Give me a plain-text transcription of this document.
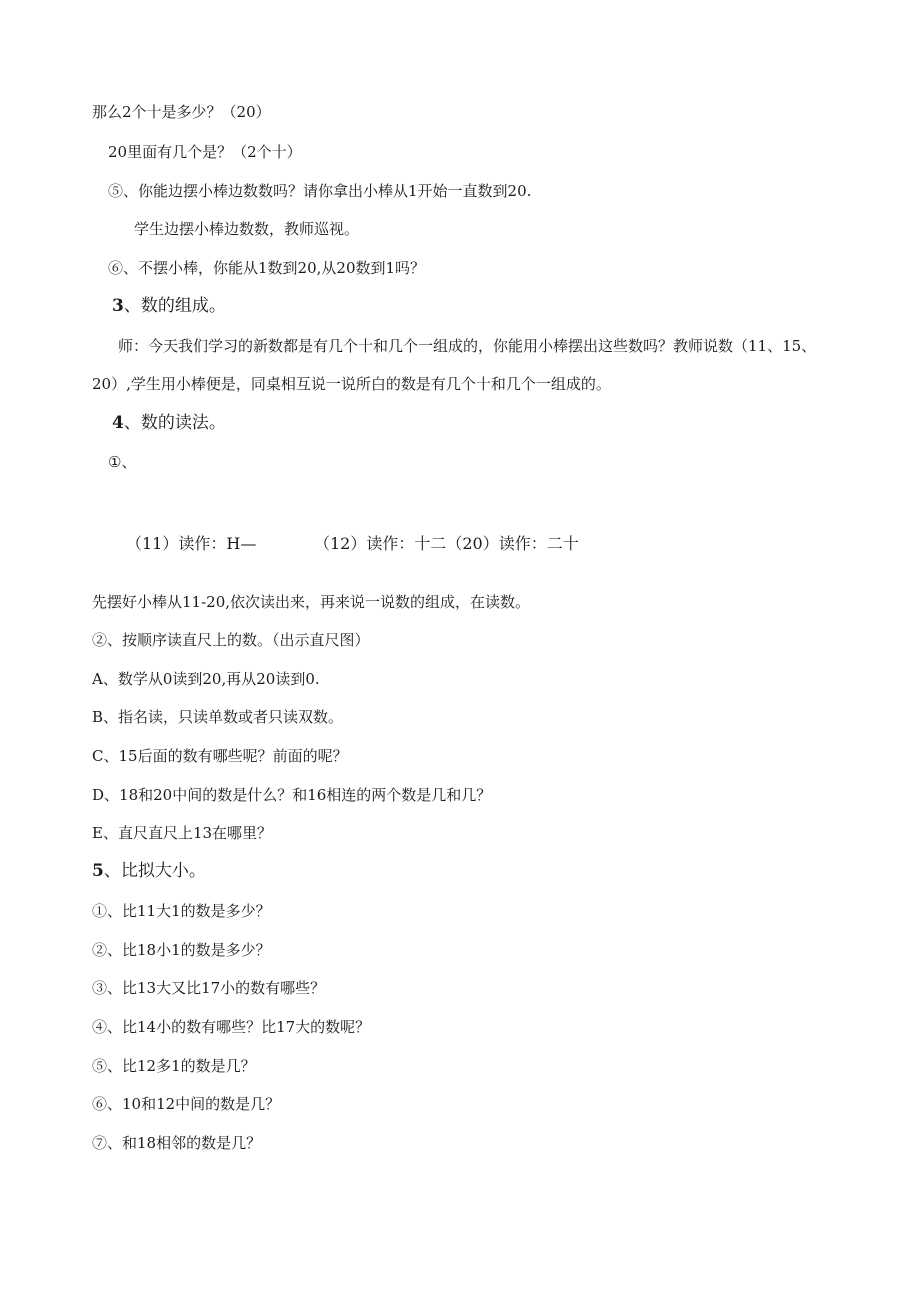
那么2个十是多少？（20）
20里面有几个是？（2个十）
⑤、你能边摆小棒边数数吗？请你拿出小棒从1开始一直数到20.
学生边摆小棒边数数，教师巡视。
⑥、不摆小棒，你能从1数到20,从20数到1吗？
3、数的组成。
师：今天我们学习的新数都是有几个十和几个一组成的，你能用小棒摆出这些数吗？教师说数（11、15、
20）,学生用小棒便是，同桌相互说一说所白的数是有几个十和几个一组成的。
4、数的读法。
①、
（11）读作：H—	（12）读作：十二（20）读作：二十
先摆好小棒从11-20,依次读出来，再来说一说数的组成，在读数。
②、按顺序读直尺上的数。（出示直尺图）
A、数学从0读到20,再从20读到0.
B、指名读，只读单数或者只读双数。
C、15后面的数有哪些呢？前面的呢？
D、18和20中间的数是什么？和16相连的两个数是几和几？
E、直尺直尺上13在哪里？
5、比拟大小。
①、比11大1的数是多少？
②、比18小1的数是多少？
③、比13大又比17小的数有哪些？
④、比14小的数有哪些？比17大的数呢？
⑤、比12多1的数是几？
⑥、10和12中间的数是几？
⑦、和18相邻的数是几？
